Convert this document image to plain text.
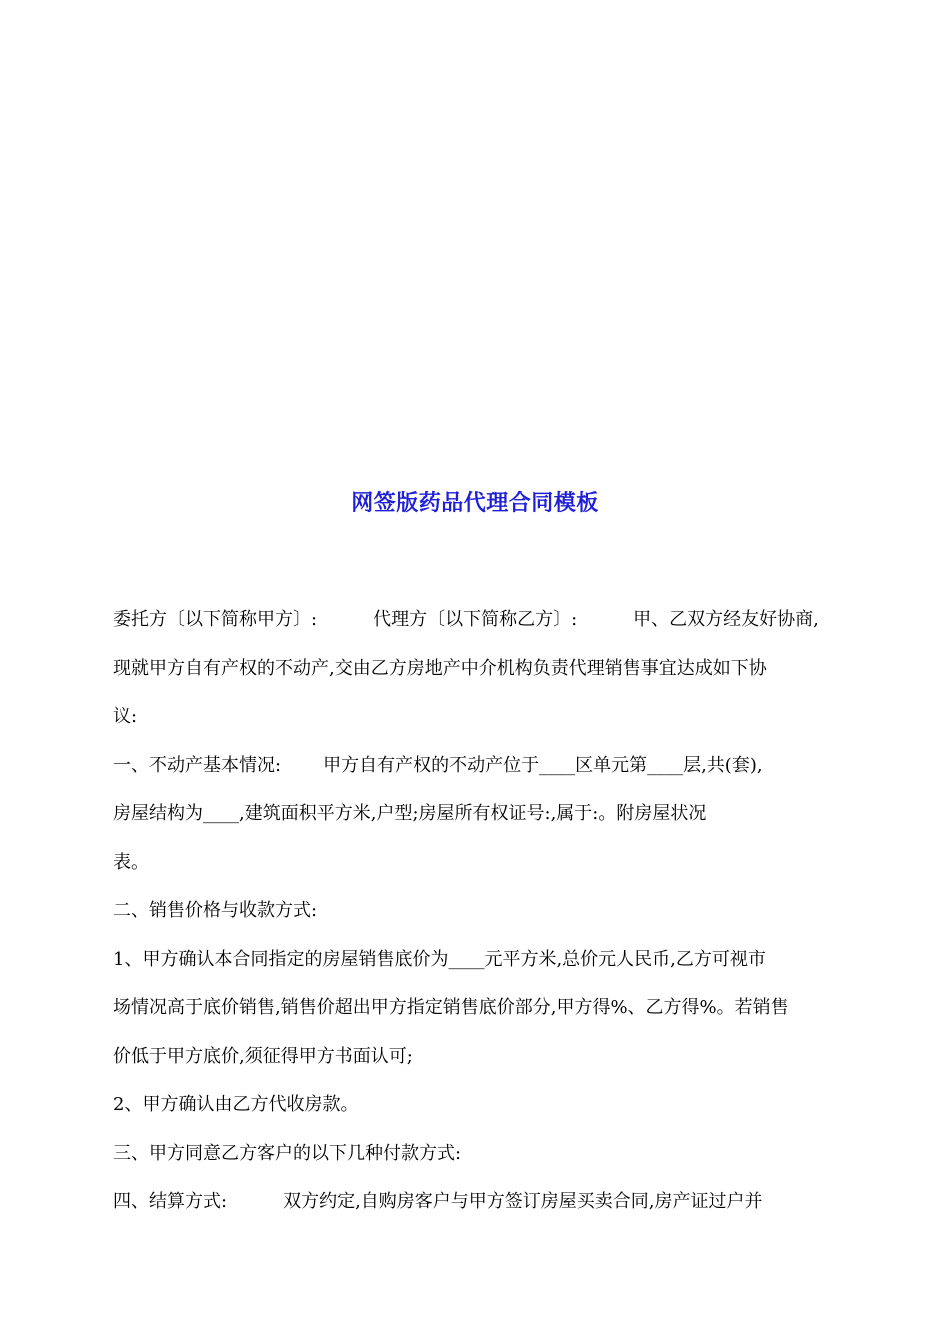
网签版药品代理合同模板
委托方〔以下简称甲方〕:	代理方〔以下简称乙方〕:	甲、乙双方经友好协商,
现就甲方自有产权的不动产,交由乙方房地产中介机构负责代理销售事宜达成如下协
议:
一、不动产基本情况: 甲方自有产权的不动产位于____区单元第____层,共(套),
房屋结构为____,建筑面积平方米,户型;房屋所有权证号:,属于:。附房屋状况
表。
二、销售价格与收款方式:
1、甲方确认本合同指定的房屋销售底价为____元平方米,总价元人民币,乙方可视市
场情况高于底价销售,销售价超出甲方指定销售底价部分,甲方得%、乙方得%。若销售
价低于甲方底价,须征得甲方书面认可;
2、甲方确认由乙方代收房款。
三、甲方同意乙方客户的以下几种付款方式:
四、结算方式:	双方约定,自购房客户与甲方签订房屋买卖合同,房产证过户并
